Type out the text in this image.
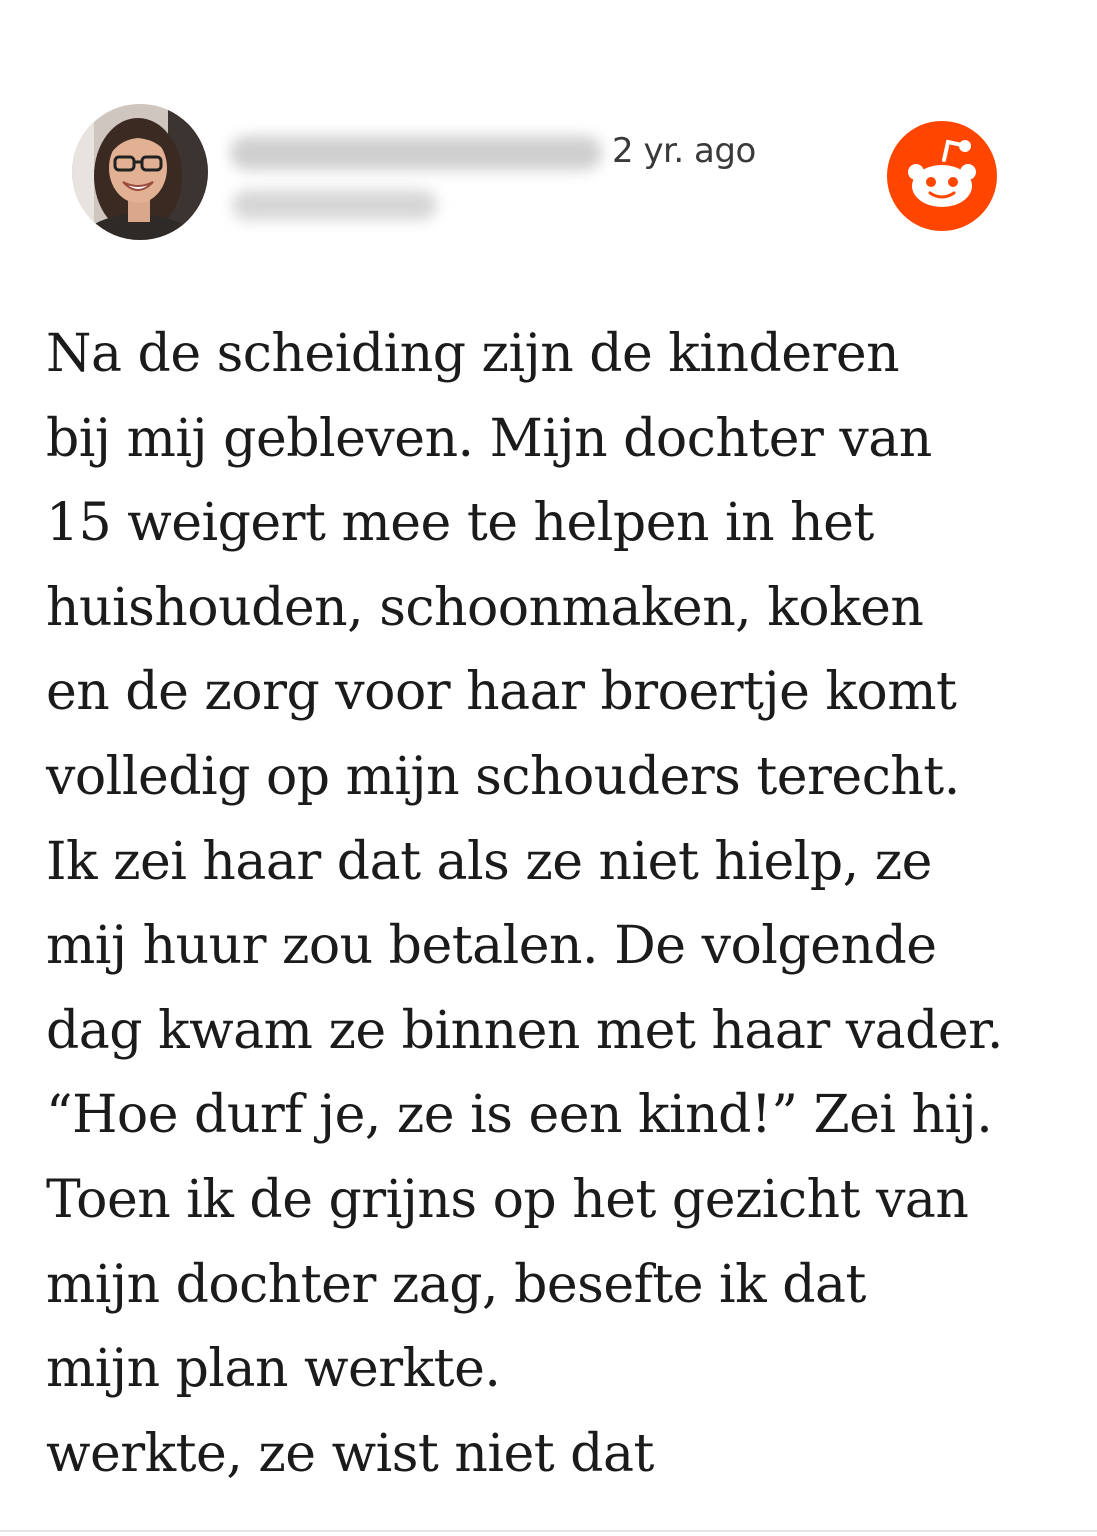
2 yr. ago
Na de scheiding zijn de kinderen
bij mij gebleven. Mijn dochter van
15 weigert mee te helpen in het
huishouden, schoonmaken, koken
en de zorg voor haar broertje komt
volledig op mijn schouders terecht.
Ik zei haar dat als ze niet hielp, ze
mij huur zou betalen. De volgende
dag kwam ze binnen met haar vader.
“Hoe durf je, ze is een kind!” Zei hij.
Toen ik de grijns op het gezicht van
mijn dochter zag, besefte ik dat
mijn plan werkte.
werkte, ze wist niet dat
